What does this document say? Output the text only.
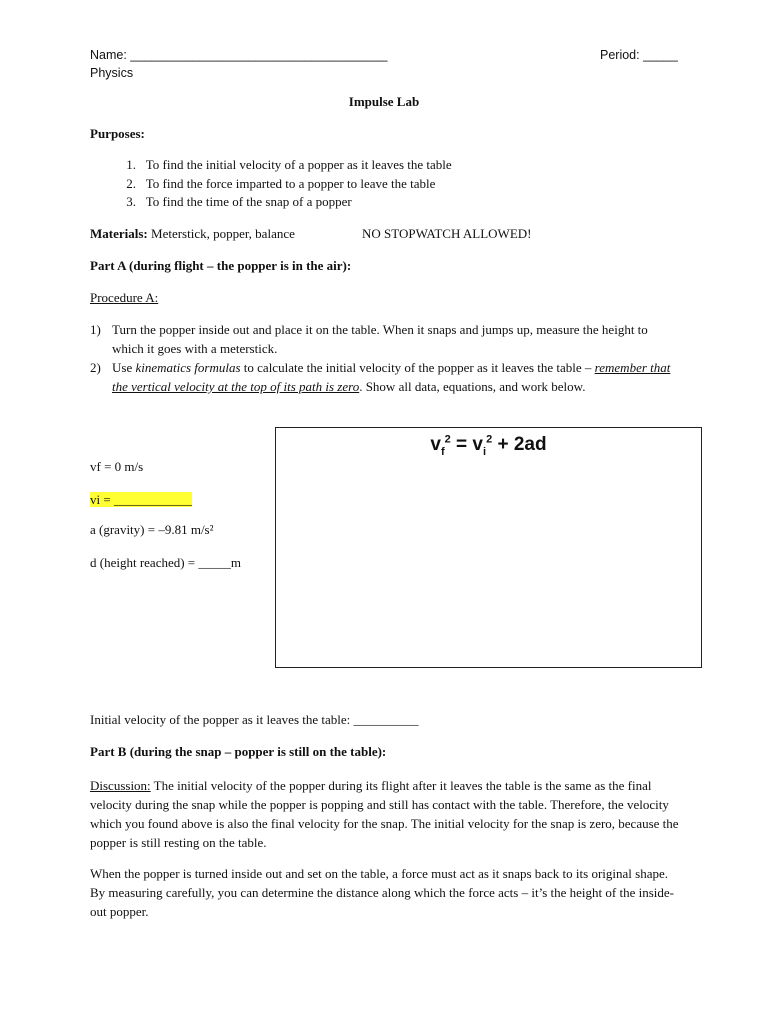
Name: _____________________________________	Period: _____
Physics
Impulse Lab
Purposes:
1. To find the initial velocity of a popper as it leaves the table
2. To find the force imparted to a popper to leave the table
3. To find the time of the snap of a popper
Materials: Meterstick, popper, balance	NO STOPWATCH ALLOWED!
Part A (during flight – the popper is in the air):
Procedure A:
1) Turn the popper inside out and place it on the table. When it snaps and jumps up, measure the height to which it goes with a meterstick.
2) Use kinematics formulas to calculate the initial velocity of the popper as it leaves the table – remember that the vertical velocity at the top of its path is zero. Show all data, equations, and work below.
vf = 0 m/s
vi = ____________
a (gravity) = –9.81 m/s²
d (height reached) = _____m
$v_f^2 = v_i^2 + 2ad$
Initial velocity of the popper as it leaves the table: __________
Part B (during the snap – popper is still on the table):
Discussion: The initial velocity of the popper during its flight after it leaves the table is the same as the final velocity during the snap while the popper is popping and still has contact with the table. Therefore, the velocity which you found above is also the final velocity for the snap. The initial velocity for the snap is zero, because the popper is still resting on the table.
When the popper is turned inside out and set on the table, a force must act as it snaps back to its original shape. By measuring carefully, you can determine the distance along which the force acts – it’s the height of the inside-out popper.
